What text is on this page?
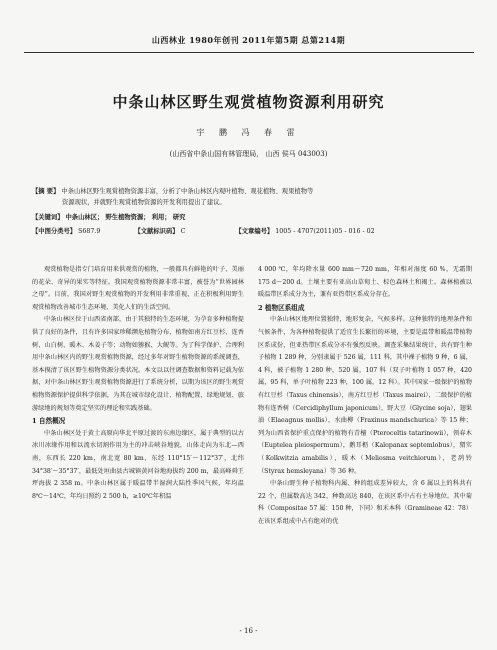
山西林业 1980年创刊 2011年第5期 总第214期
中条山林区野生观赏植物资源利用研究
宇 鹏 冯 春 雷
(山西省中条山国有林管理局， 山西 侯马 043003)
【摘 要】 中条山林区野生观赏植物资源丰富，分析了中条山林区内观叶植物、观花植物、观果植物等
资源现状，并就野生观赏植物资源的开发利用提出了建议。
【关键词】 中条山林区； 野生植物资源； 利用； 研究
【中图分类号】 S687.9	【文献标识码】 C	【文章编号】 1005 - 4707(2011)05 - 016 - 02

观赏植物是指专门培育用来供观赏的植物，一般都具有鲜艳的叶子、美丽的花朵、奇异的果实等特征。我国观赏植物资源非常丰富，被誉为“世界园林之母”。目前，我国对野生观赏植物的开发利用非常重视，正在积极利用野生观赏植物改善城市生态环境、美化人们的生活空间。

中条山林区位于山西省南部，由于其独特的生态环境，为孕育多种植物提供了良好的条件，且有许多国家珍稀濒危植物分布，植物如南方红豆杉、连香树、山白树、暖木、木姜子等；动物如猕猴、大鲵等。为了科学保护、合理利用中条山林区内的野生观赏植物资源，经过多年对野生植物资源的系统调查，基本摸清了该区野生植物资源分类状况。本文以以往调查数据和资料记载为依据，对中条山林区野生观赏植物资源进行了系统分析，以期为该区的野生观赏植物资源保护提供科学依据，为其在城市绿化设计、植物配置、绿地规划、旅游绿地的规划等奠定坚实的理论和实践基础。

1 自然概况

中条山林区处于黄土高原向华北平原过渡的东南边缘区，属于典型的以古冰川冰缘作用和以流水切割作用为主的冲击峡谷地貌，山体走向为东北—西南，东西长 220 km，南北宽 80 km，东经 110°15′～112°37′，北纬 34°38′～35°37′，最低处垣曲县古城镇黄河谷地海拔约 200 m，最高峰舜王坪海拔 2 358 m。中条山林区属于暖温带半湿润大陆性季风气候，年均温 8℃～14℃，年均日照约 2 500 h，≥10℃年积温

4 000 ℃，年均降水量 600 mm～720 mm，年相对湿度 60 %，无霜期 175 d～200 d。土壤主要有亚高山草甸土、棕色森林土和褐土。森林植被以暖温带区系成分为主，兼有亚热带区系成分存在。

2 植物区系组成

中条山林区地理位置独特，地形复杂，气候多样。这种独特的地理条件和气候条件，为各种植物提供了适宜生长繁衍的环境，主要是温带和暖温带植物区系成份，但亚热带区系成分亦有强烈反映。调查采集结果统计，共有野生种子植物 1 289 种，分别隶属于 526 属，111 科，其中裸子植物 9 种，6 属，4 科，被子植物 1 280 种，520 属，107 科（双子叶植物 1 057 种，420 属，95 科，单子叶植物 223 种，100 属，12 科）。其中国家一级保护的植物有红豆杉（Taxus chinensis），南方红豆杉（Taxus mairei），二级保护的植物有连香树（Cercidiphyllum japonicum），野大豆（Glycine soja），翅果油（Elaeagnus mollis），水曲柳（Fraxinus mandschurica）等 15 种；列为山西省保护重点保护的植物有青檀（Pteroceltis tatarinowii），领春木（Euptelea pleiospermum），鹅耳枥（Kalopanax septemlobus），猬实（Kolkwitzia amabilis），暖木（Meliosma veitchiorum），老鸹铃（Styrax hemsleyana）等 36 种。

中条山野生种子植物科内属、种的组成差异较大，含 6 属以上的科共有 22 个，但属数高达 342，种数高达 840，在该区系中占有主导地位。其中菊科（Compositae 57 属：150 种，下同）和禾本科（Gramineae 42：78）在该区系组成中占有绝对的优

- 16 -
